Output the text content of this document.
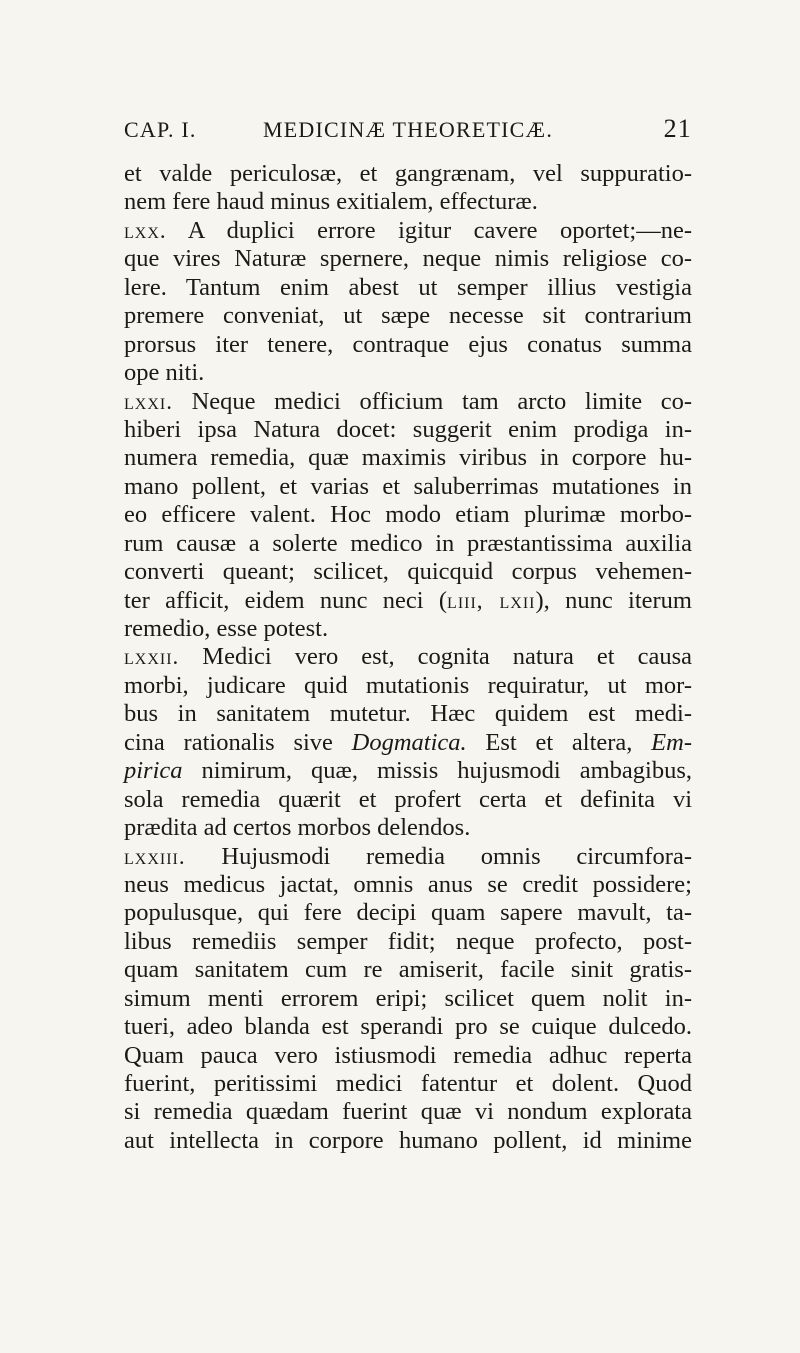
CAP. I.	MEDICINÆ THEORETICÆ.	21
et valde periculosæ, et gangrænam, vel suppuratio-
nem fere haud minus exitialem, effecturæ.
lxx. A duplici errore igitur cavere oportet;—ne-
que vires Naturæ spernere, neque nimis religiose co-
lere. Tantum enim abest ut semper illius vestigia
premere conveniat, ut sæpe necesse sit contrarium
prorsus iter tenere, contraque ejus conatus summa
ope niti.
lxxi. Neque medici officium tam arcto limite co-
hiberi ipsa Natura docet: suggerit enim prodiga in-
numera remedia, quæ maximis viribus in corpore hu-
mano pollent, et varias et saluberrimas mutationes in
eo efficere valent. Hoc modo etiam plurimæ morbo-
rum causæ a solerte medico in præstantissima auxilia
converti queant; scilicet, quicquid corpus vehemen-
ter afficit, eidem nunc neci (liii, lxii), nunc iterum
remedio, esse potest.
lxxii. Medici vero est, cognita natura et causa
morbi, judicare quid mutationis requiratur, ut mor-
bus in sanitatem mutetur. Hæc quidem est medi-
cina rationalis sive Dogmatica. Est et altera, Em-
pirica nimirum, quæ, missis hujusmodi ambagibus,
sola remedia quærit et profert certa et definita vi
prædita ad certos morbos delendos.
lxxiii. Hujusmodi remedia omnis circumfora-
neus medicus jactat, omnis anus se credit possidere;
populusque, qui fere decipi quam sapere mavult, ta-
libus remediis semper fidit; neque profecto, post-
quam sanitatem cum re amiserit, facile sinit gratis-
simum menti errorem eripi; scilicet quem nolit in-
tueri, adeo blanda est sperandi pro se cuique dulcedo.
Quam pauca vero istiusmodi remedia adhuc reperta
fuerint, peritissimi medici fatentur et dolent. Quod
si remedia quædam fuerint quæ vi nondum explorata
aut intellecta in corpore humano pollent, id minime
